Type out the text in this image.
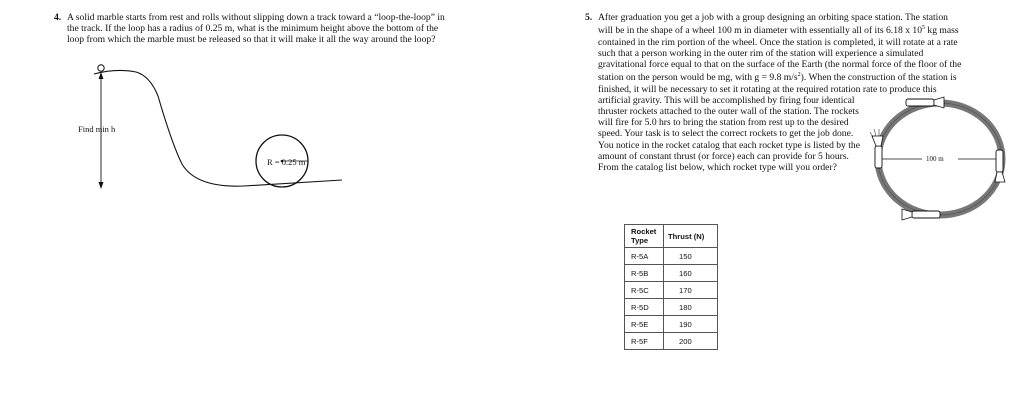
4. A solid marble starts from rest and rolls without slipping down a track toward a “loop-the-loop” in the track. If the loop has a radius of 0.25 m, what is the minimum height above the bottom of the loop from which the marble must be released so that it will make it all the way around the loop?
Find min h
R = 0.25 m
5. After graduation you get a job with a group designing an orbiting space station. The station will be in the shape of a wheel 100 m in diameter with essentially all of its 6.18 x $10^5$ kg mass contained in the rim portion of the wheel. Once the station is completed, it will rotate at a rate such that a person working in the outer rim of the station will experience a simulated gravitational force equal to that on the surface of the Earth (the normal force of the floor of the station on the person would be mg, with g = 9.8 $m/s^2$). When the construction of the station is finished, it will be necessary to set it rotating at the required rotation rate to produce this

artificial gravity. This will be accomplished by firing four identical thruster rockets attached to the outer wall of the station. The rockets will fire for 5.0 hrs to bring the station from rest up to the desired speed. Your task is to select the correct rockets to get the job done. You notice in the rocket catalog that each rocket type is listed by the amount of constant thrust (or force) each can provide for 5 hours. From the catalog list below, which rocket type will you order?

100 m
Rocket Type	Thrust (N)
R-5A	150
R-5B	160
R-5C	170
R-5D	180
R-5E	190
R-5F	200
